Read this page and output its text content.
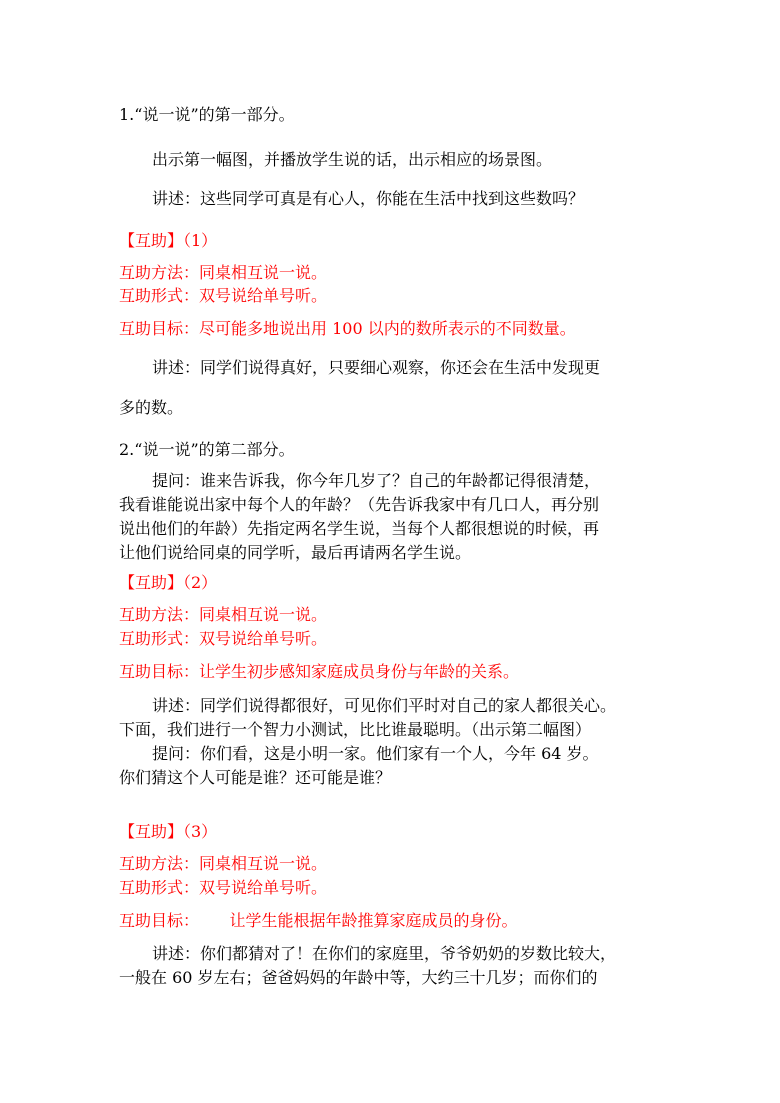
1.“说一说”的第一部分。
出示第一幅图，并播放学生说的话，出示相应的场景图。
讲述：这些同学可真是有心人，你能在生活中找到这些数吗？
【互助】（1）
互助方法：同桌相互说一说。
互助形式：双号说给单号听。
互助目标：尽可能多地说出用 100 以内的数所表示的不同数量。
讲述：同学们说得真好，只要细心观察，你还会在生活中发现更
多的数。
2.“说一说”的第二部分。
提问：谁来告诉我，你今年几岁了？自己的年龄都记得很清楚，
我看谁能说出家中每个人的年龄？（先告诉我家中有几口人，再分别
说出他们的年龄）先指定两名学生说，当每个人都很想说的时候，再
让他们说给同桌的同学听，最后再请两名学生说。
【互助】（2）
互助方法：同桌相互说一说。
互助形式：双号说给单号听。
互助目标：让学生初步感知家庭成员身份与年龄的关系。
讲述：同学们说得都很好，可见你们平时对自己的家人都很关心。
下面，我们进行一个智力小测试，比比谁最聪明。（出示第二幅图）
提问：你们看，这是小明一家。他们家有一个人，今年 64 岁。
你们猜这个人可能是谁？还可能是谁？
【互助】（3）
互助方法：同桌相互说一说。
互助形式：双号说给单号听。
互助目标：      让学生能根据年龄推算家庭成员的身份。
讲述：你们都猜对了！在你们的家庭里，爷爷奶奶的岁数比较大，
一般在 60 岁左右；爸爸妈妈的年龄中等，大约三十几岁；而你们的
